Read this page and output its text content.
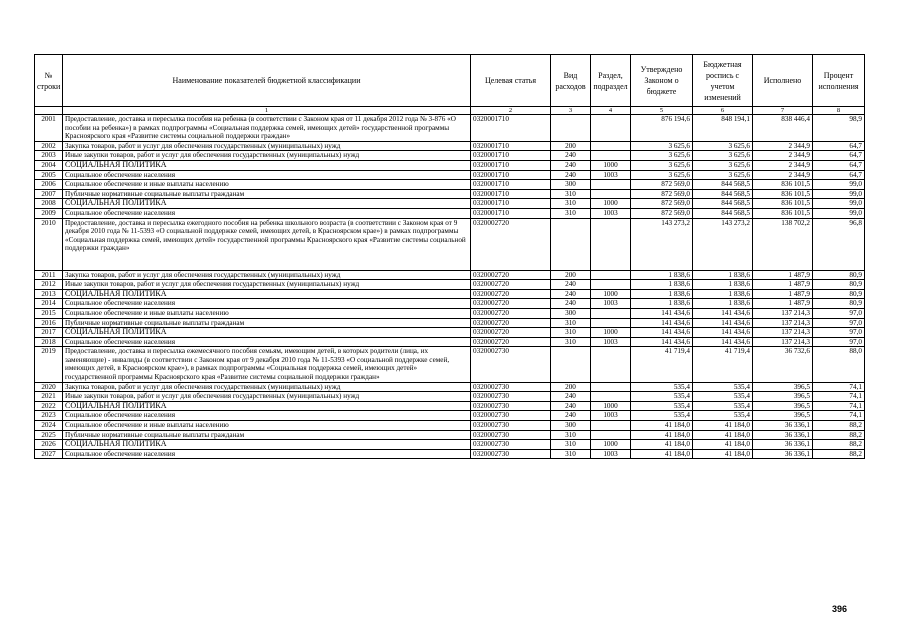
№ строки	Наименование показателей бюджетной классификации	Целевая статья	Вид расходов	Раздел, подраздел	Утверждено Законом о бюджете	Бюджетная роспись с учетом изменений	Исполнено	Процент исполнения
	1	2	3	4	5	6	7	8
2001	Предоставление, доставка и пересылка пособия на ребенка (в соответствии с Законом края от 11 декабря 2012 года № 3-876 «О пособии на ребенка») в рамках подпрограммы «Социальная поддержка семей, имеющих детей» государственной программы Красноярского края «Развитие системы социальной поддержки граждан»	0320001710			876 194,6	848 194,1	838 446,4	98,9
2002	Закупка товаров, работ и услуг для обеспечения государственных (муниципальных) нужд	0320001710	200		3 625,6	3 625,6	2 344,9	64,7
2003	Иные закупки товаров, работ и услуг для обеспечения государственных (муниципальных) нужд	0320001710	240		3 625,6	3 625,6	2 344,9	64,7
2004	СОЦИАЛЬНАЯ ПОЛИТИКА	0320001710	240	1000	3 625,6	3 625,6	2 344,9	64,7
2005	Социальное обеспечение населения	0320001710	240	1003	3 625,6	3 625,6	2 344,9	64,7
2006	Социальное обеспечение и иные выплаты населению	0320001710	300		872 569,0	844 568,5	836 101,5	99,0
2007	Публичные нормативные социальные выплаты гражданам	0320001710	310		872 569,0	844 568,5	836 101,5	99,0
2008	СОЦИАЛЬНАЯ ПОЛИТИКА	0320001710	310	1000	872 569,0	844 568,5	836 101,5	99,0
2009	Социальное обеспечение населения	0320001710	310	1003	872 569,0	844 568,5	836 101,5	99,0
2010	Предоставление, доставка и пересылка ежегодного пособия на ребенка школьного возраста (в соответствии с Законом края от 9 декабря 2010 года № 11-5393 «О социальной поддержке семей, имеющих детей, в Красноярском крае») в рамках подпрограммы «Социальная поддержка семей, имеющих детей» государственной программы Красноярского края «Развитие системы социальной поддержки граждан»	0320002720			143 273,2	143 273,2	138 702,2	96,8
2011	Закупка товаров, работ и услуг для обеспечения государственных (муниципальных) нужд	0320002720	200		1 838,6	1 838,6	1 487,9	80,9
2012	Иные закупки товаров, работ и услуг для обеспечения государственных (муниципальных) нужд	0320002720	240		1 838,6	1 838,6	1 487,9	80,9
2013	СОЦИАЛЬНАЯ ПОЛИТИКА	0320002720	240	1000	1 838,6	1 838,6	1 487,9	80,9
2014	Социальное обеспечение населения	0320002720	240	1003	1 838,6	1 838,6	1 487,9	80,9
2015	Социальное обеспечение и иные выплаты населению	0320002720	300		141 434,6	141 434,6	137 214,3	97,0
2016	Публичные нормативные социальные выплаты гражданам	0320002720	310		141 434,6	141 434,6	137 214,3	97,0
2017	СОЦИАЛЬНАЯ ПОЛИТИКА	0320002720	310	1000	141 434,6	141 434,6	137 214,3	97,0
2018	Социальное обеспечение населения	0320002720	310	1003	141 434,6	141 434,6	137 214,3	97,0
2019	Предоставление, доставка и пересылка ежемесячного пособия семьям, имеющим детей, в которых родители (лица, их заменяющие) - инвалиды (в соответствии с Законом края от 9 декабря 2010 года № 11-5393 «О социальной поддержке семей, имеющих детей, в Красноярском крае»), в рамках подпрограммы «Социальная поддержка семей, имеющих детей» государственной программы Красноярского края «Развитие системы социальной поддержки граждан»	0320002730			41 719,4	41 719,4	36 732,6	88,0
2020	Закупка товаров, работ и услуг для обеспечения государственных (муниципальных) нужд	0320002730	200		535,4	535,4	396,5	74,1
2021	Иные закупки товаров, работ и услуг для обеспечения государственных (муниципальных) нужд	0320002730	240		535,4	535,4	396,5	74,1
2022	СОЦИАЛЬНАЯ ПОЛИТИКА	0320002730	240	1000	535,4	535,4	396,5	74,1
2023	Социальное обеспечение населения	0320002730	240	1003	535,4	535,4	396,5	74,1
2024	Социальное обеспечение и иные выплаты населению	0320002730	300		41 184,0	41 184,0	36 336,1	88,2
2025	Публичные нормативные социальные выплаты гражданам	0320002730	310		41 184,0	41 184,0	36 336,1	88,2
2026	СОЦИАЛЬНАЯ ПОЛИТИКА	0320002730	310	1000	41 184,0	41 184,0	36 336,1	88,2
2027	Социальное обеспечение населения	0320002730	310	1003	41 184,0	41 184,0	36 336,1	88,2
396
